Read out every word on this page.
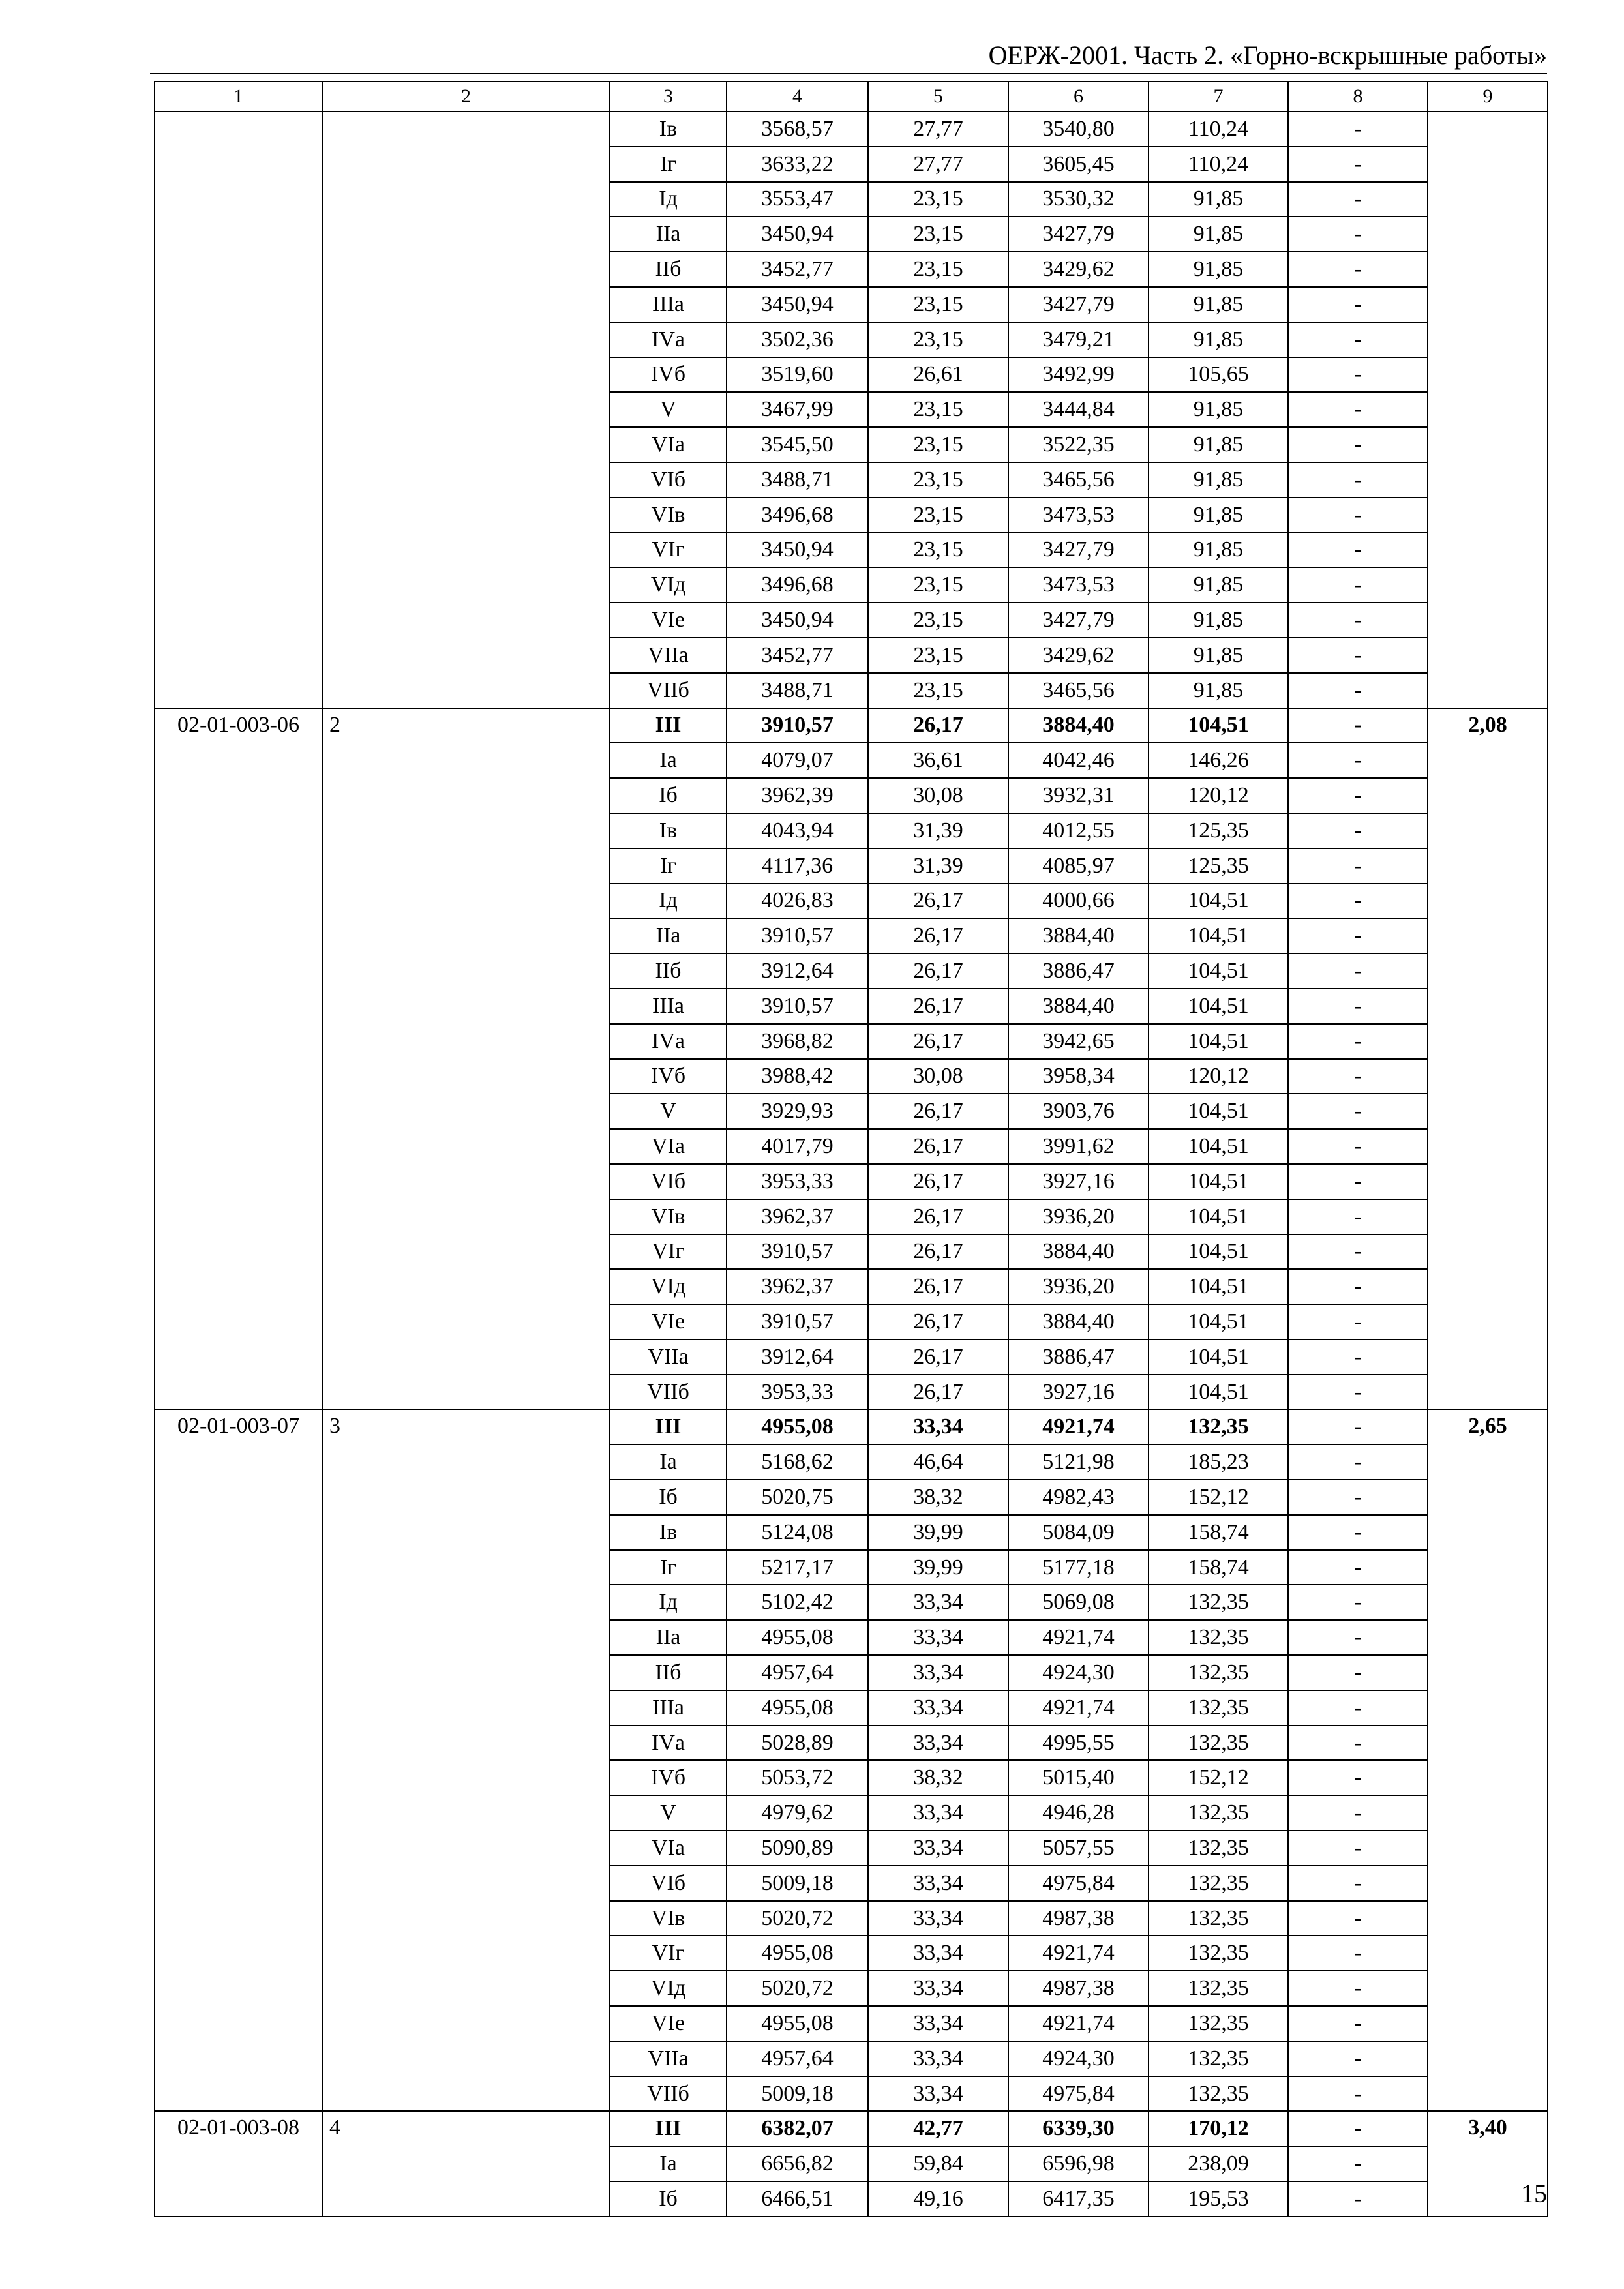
ОЕРЖ-2001. Часть 2. «Горно-вскрышные работы»
1	2	3	4	5	6	7	8	9
		Iв	3568,57	27,77	3540,80	110,24	-	
		Iг	3633,22	27,77	3605,45	110,24	-	
		Iд	3553,47	23,15	3530,32	91,85	-	
		IIа	3450,94	23,15	3427,79	91,85	-	
		IIб	3452,77	23,15	3429,62	91,85	-	
		IIIа	3450,94	23,15	3427,79	91,85	-	
		IVа	3502,36	23,15	3479,21	91,85	-	
		IVб	3519,60	26,61	3492,99	105,65	-	
		V	3467,99	23,15	3444,84	91,85	-	
		VIа	3545,50	23,15	3522,35	91,85	-	
		VIб	3488,71	23,15	3465,56	91,85	-	
		VIв	3496,68	23,15	3473,53	91,85	-	
		VIг	3450,94	23,15	3427,79	91,85	-	
		VIд	3496,68	23,15	3473,53	91,85	-	
		VIе	3450,94	23,15	3427,79	91,85	-	
		VIIа	3452,77	23,15	3429,62	91,85	-	
		VIIб	3488,71	23,15	3465,56	91,85	-	
02-01-003-06	2	III	3910,57	26,17	3884,40	104,51	-	2,08
		Iа	4079,07	36,61	4042,46	146,26	-	
		Iб	3962,39	30,08	3932,31	120,12	-	
		Iв	4043,94	31,39	4012,55	125,35	-	
		Iг	4117,36	31,39	4085,97	125,35	-	
		Iд	4026,83	26,17	4000,66	104,51	-	
		IIа	3910,57	26,17	3884,40	104,51	-	
		IIб	3912,64	26,17	3886,47	104,51	-	
		IIIа	3910,57	26,17	3884,40	104,51	-	
		IVа	3968,82	26,17	3942,65	104,51	-	
		IVб	3988,42	30,08	3958,34	120,12	-	
		V	3929,93	26,17	3903,76	104,51	-	
		VIа	4017,79	26,17	3991,62	104,51	-	
		VIб	3953,33	26,17	3927,16	104,51	-	
		VIв	3962,37	26,17	3936,20	104,51	-	
		VIг	3910,57	26,17	3884,40	104,51	-	
		VIд	3962,37	26,17	3936,20	104,51	-	
		VIе	3910,57	26,17	3884,40	104,51	-	
		VIIа	3912,64	26,17	3886,47	104,51	-	
		VIIб	3953,33	26,17	3927,16	104,51	-	
02-01-003-07	3	III	4955,08	33,34	4921,74	132,35	-	2,65
		Iа	5168,62	46,64	5121,98	185,23	-	
		Iб	5020,75	38,32	4982,43	152,12	-	
		Iв	5124,08	39,99	5084,09	158,74	-	
		Iг	5217,17	39,99	5177,18	158,74	-	
		Iд	5102,42	33,34	5069,08	132,35	-	
		IIа	4955,08	33,34	4921,74	132,35	-	
		IIб	4957,64	33,34	4924,30	132,35	-	
		IIIа	4955,08	33,34	4921,74	132,35	-	
		IVа	5028,89	33,34	4995,55	132,35	-	
		IVб	5053,72	38,32	5015,40	152,12	-	
		V	4979,62	33,34	4946,28	132,35	-	
		VIа	5090,89	33,34	5057,55	132,35	-	
		VIб	5009,18	33,34	4975,84	132,35	-	
		VIв	5020,72	33,34	4987,38	132,35	-	
		VIг	4955,08	33,34	4921,74	132,35	-	
		VIд	5020,72	33,34	4987,38	132,35	-	
		VIе	4955,08	33,34	4921,74	132,35	-	
		VIIа	4957,64	33,34	4924,30	132,35	-	
		VIIб	5009,18	33,34	4975,84	132,35	-	
02-01-003-08	4	III	6382,07	42,77	6339,30	170,12	-	3,40
		Iа	6656,82	59,84	6596,98	238,09	-	
		Iб	6466,51	49,16	6417,35	195,53	-		15
